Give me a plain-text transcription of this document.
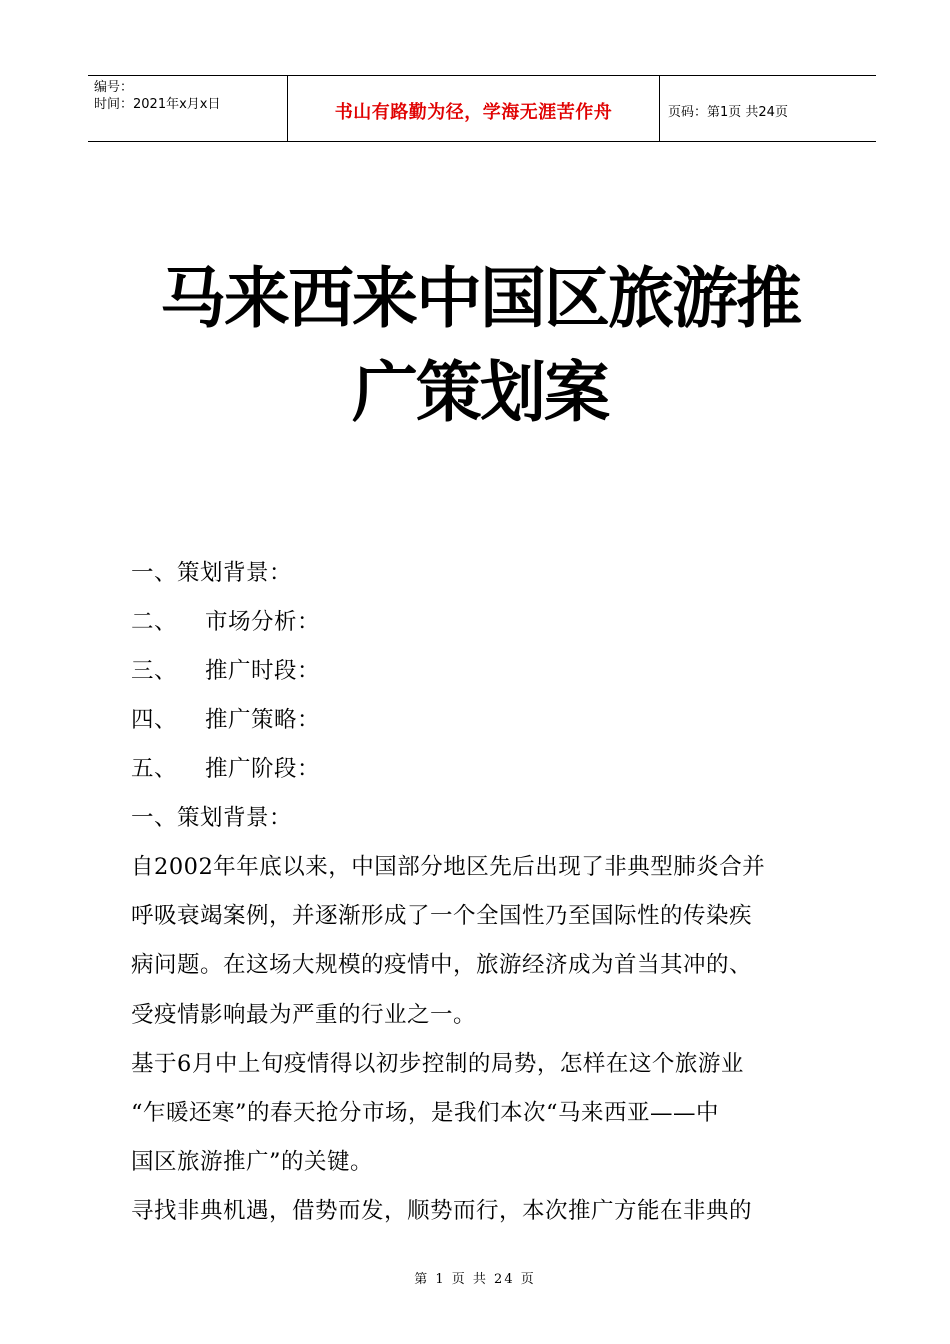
编号：
时间：2021年x月x日	书山有路勤为径，学海无涯苦作舟	页码：第1页 共24页
马来西来中国区旅游推
广策划案
一、策划背景：
二、 市场分析：
三、 推广时段：
四、 推广策略：
五、 推广阶段：
一、策划背景：
自2002年年底以来，中国部分地区先后出现了非典型肺炎合并
呼吸衰竭案例，并逐渐形成了一个全国性乃至国际性的传染疾
病问题。在这场大规模的疫情中，旅游经济成为首当其冲的、
受疫情影响最为严重的行业之一。
基于6月中上旬疫情得以初步控制的局势，怎样在这个旅游业
“乍暖还寒”的春天抢分市场，是我们本次“马来西亚——中
国区旅游推广”的关键。
寻找非典机遇，借势而发，顺势而行，本次推广方能在非典的
第 1 页 共 24 页
